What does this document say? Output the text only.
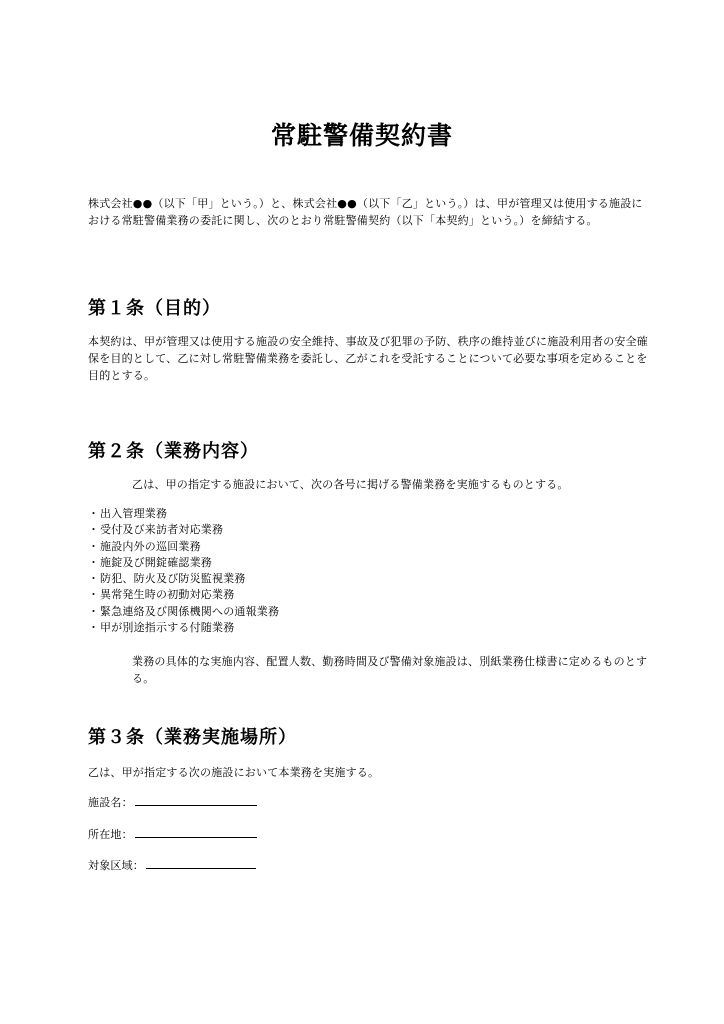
常駐警備契約書
株式会社●●（以下「甲」という。）と、株式会社●●（以下「乙」という。）は、甲が管理又は使用する施設における常駐警備業務の委託に関し、次のとおり常駐警備契約（以下「本契約」という。）を締結する。
第１条（目的）
本契約は、甲が管理又は使用する施設の安全維持、事故及び犯罪の予防、秩序の維持並びに施設利用者の安全確保を目的として、乙に対し常駐警備業務を委託し、乙がこれを受託することについて必要な事項を定めることを目的とする。
第２条（業務内容）
乙は、甲の指定する施設において、次の各号に掲げる警備業務を実施するものとする。
・出入管理業務
・受付及び来訪者対応業務
・施設内外の巡回業務
・施錠及び開錠確認業務
・防犯、防火及び防災監視業務
・異常発生時の初動対応業務
・緊急連絡及び関係機関への通報業務
・甲が別途指示する付随業務
業務の具体的な実施内容、配置人数、勤務時間及び警備対象施設は、別紙業務仕様書に定めるものとする。
第３条（業務実施場所）
乙は、甲が指定する次の施設において本業務を実施する。
施設名：
所在地：
対象区域：
